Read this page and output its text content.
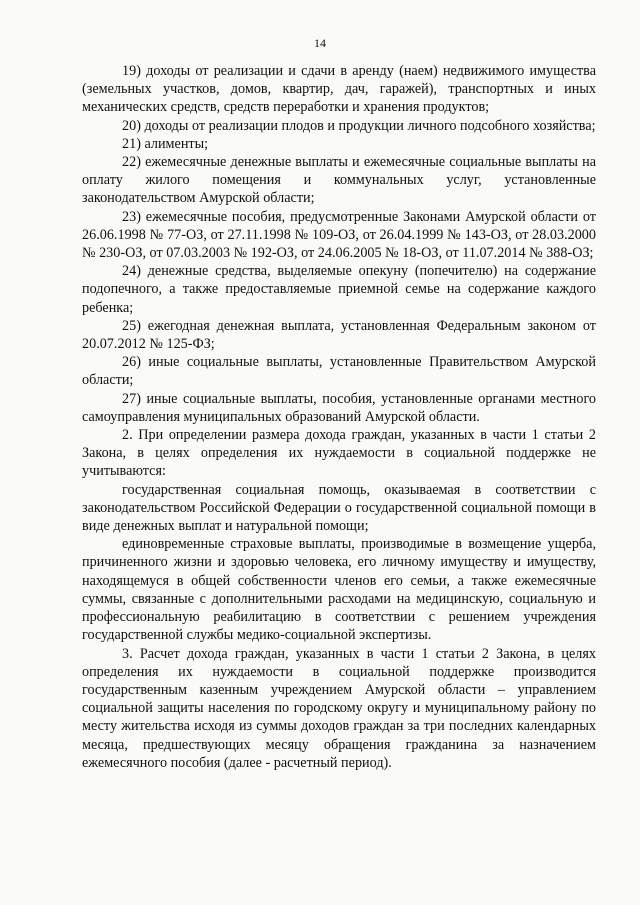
14

19) доходы от реализации и сдачи в аренду (наем) недвижимого имущества (земельных участков, домов, квартир, дач, гаражей), транспортных и иных механических средств, средств переработки и хранения продуктов;

20) доходы от реализации плодов и продукции личного подсобного хозяйства;

21) алименты;

22) ежемесячные денежные выплаты и ежемесячные социальные выплаты на оплату жилого помещения и коммунальных услуг, установленные законодательством Амурской области;

23) ежемесячные пособия, предусмотренные Законами Амурской области от 26.06.1998 № 77-ОЗ, от 27.11.1998 № 109-ОЗ, от 26.04.1999 № 143-ОЗ, от 28.03.2000 № 230-ОЗ, от 07.03.2003 № 192-ОЗ, от 24.06.2005 № 18-ОЗ, от 11.07.2014 № 388-ОЗ;

24) денежные средства, выделяемые опекуну (попечителю) на содержание подопечного, а также предоставляемые приемной семье на содержание каждого ребенка;

25) ежегодная денежная выплата, установленная Федеральным законом от 20.07.2012 № 125-ФЗ;

26) иные социальные выплаты, установленные Правительством Амурской области;

27) иные социальные выплаты, пособия, установленные органами местного самоуправления муниципальных образований Амурской области.

2. При определении размера дохода граждан, указанных в части 1 статьи 2 Закона, в целях определения их нуждаемости в социальной поддержке не учитываются:

государственная социальная помощь, оказываемая в соответствии с законодательством Российской Федерации о государственной социальной помощи в виде денежных выплат и натуральной помощи;

единовременные страховые выплаты, производимые в возмещение ущерба, причиненного жизни и здоровью человека, его личному имуществу и имуществу, находящемуся в общей собственности членов его семьи, а также ежемесячные суммы, связанные с дополнительными расходами на медицинскую, социальную и профессиональную реабилитацию в соответствии с решением учреждения государственной службы медико-социальной экспертизы.

3. Расчет дохода граждан, указанных в части 1 статьи 2 Закона, в целях определения их нуждаемости в социальной поддержке производится государственным казенным учреждением Амурской области – управлением социальной защиты населения по городскому округу и муниципальному району по месту жительства исходя из суммы доходов граждан за три последних календарных месяца, предшествующих месяцу обращения гражданина за назначением ежемесячного пособия (далее - расчетный период).
